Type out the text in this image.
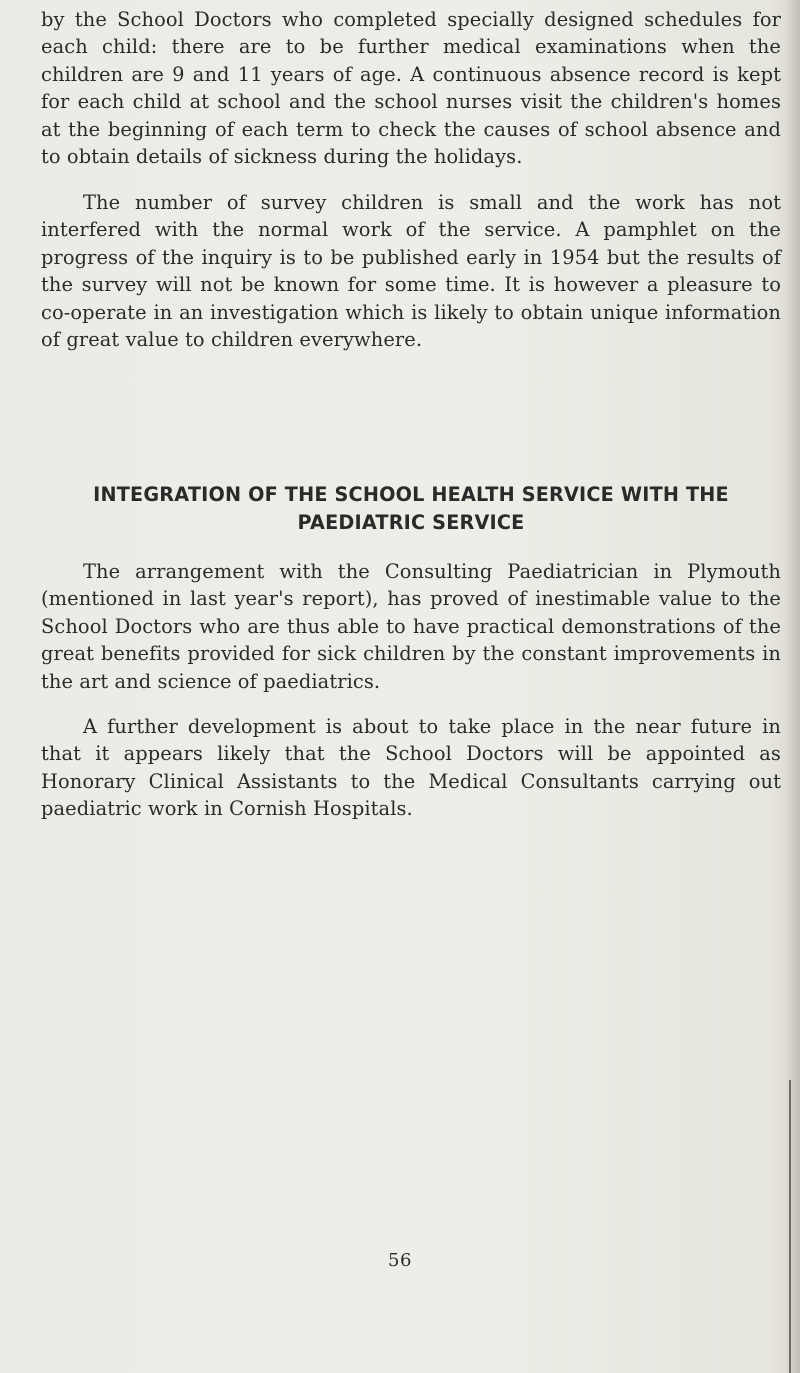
by the School Doctors who completed specially designed schedules for each child: there are to be further medical examinations when the children are 9 and 11 years of age. A continuous absence record is kept for each child at school and the school nurses visit the children's homes at the beginning of each term to check the causes of school absence and to obtain details of sickness during the holidays.

The number of survey children is small and the work has not interfered with the normal work of the service. A pamphlet on the progress of the inquiry is to be published early in 1954 but the results of the survey will not be known for some time. It is however a pleasure to co-operate in an investigation which is likely to obtain unique information of great value to children everywhere.

INTEGRATION OF THE SCHOOL HEALTH SERVICE WITH THE PAEDIATRIC SERVICE

The arrangement with the Consulting Paediatrician in Plymouth (mentioned in last year's report), has proved of inestimable value to the School Doctors who are thus able to have practical demonstrations of the great benefits provided for sick children by the constant improvements in the art and science of paediatrics.

A further development is about to take place in the near future in that it appears likely that the School Doctors will be appointed as Honorary Clinical Assistants to the Medical Consultants carrying out paediatric work in Cornish Hospitals.

56
